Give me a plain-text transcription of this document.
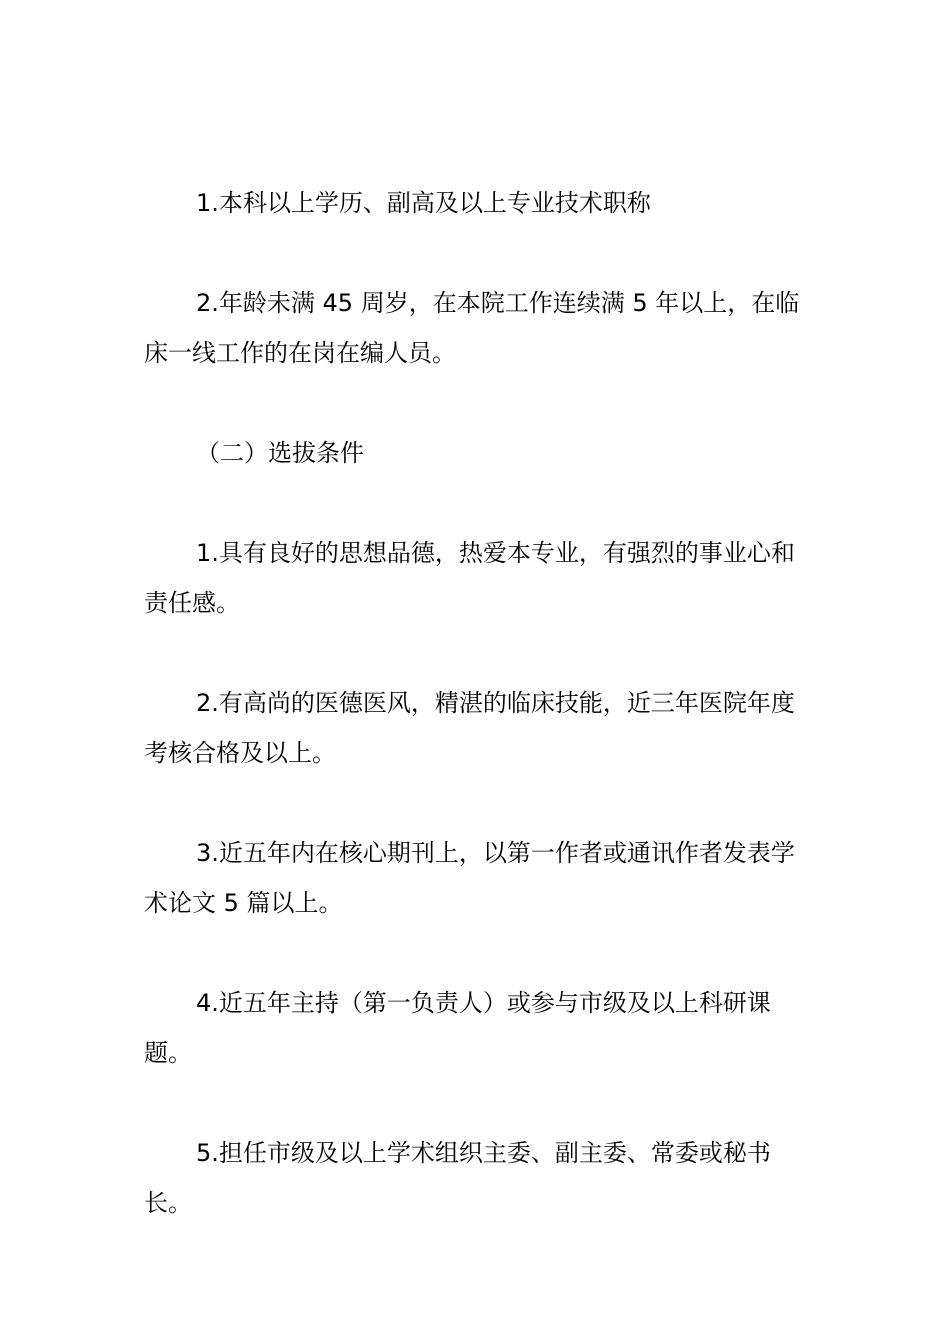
1.本科以上学历、副高及以上专业技术职称

2.年龄未满 45 周岁，在本院工作连续满 5 年以上，在临床一线工作的在岗在编人员。

（二）选拔条件

1.具有良好的思想品德，热爱本专业，有强烈的事业心和责任感。

2.有高尚的医德医风，精湛的临床技能，近三年医院年度考核合格及以上。

3.近五年内在核心期刊上，以第一作者或通讯作者发表学术论文 5 篇以上。

4.近五年主持（第一负责人）或参与市级及以上科研课题。

5.担任市级及以上学术组织主委、副主委、常委或秘书长。
